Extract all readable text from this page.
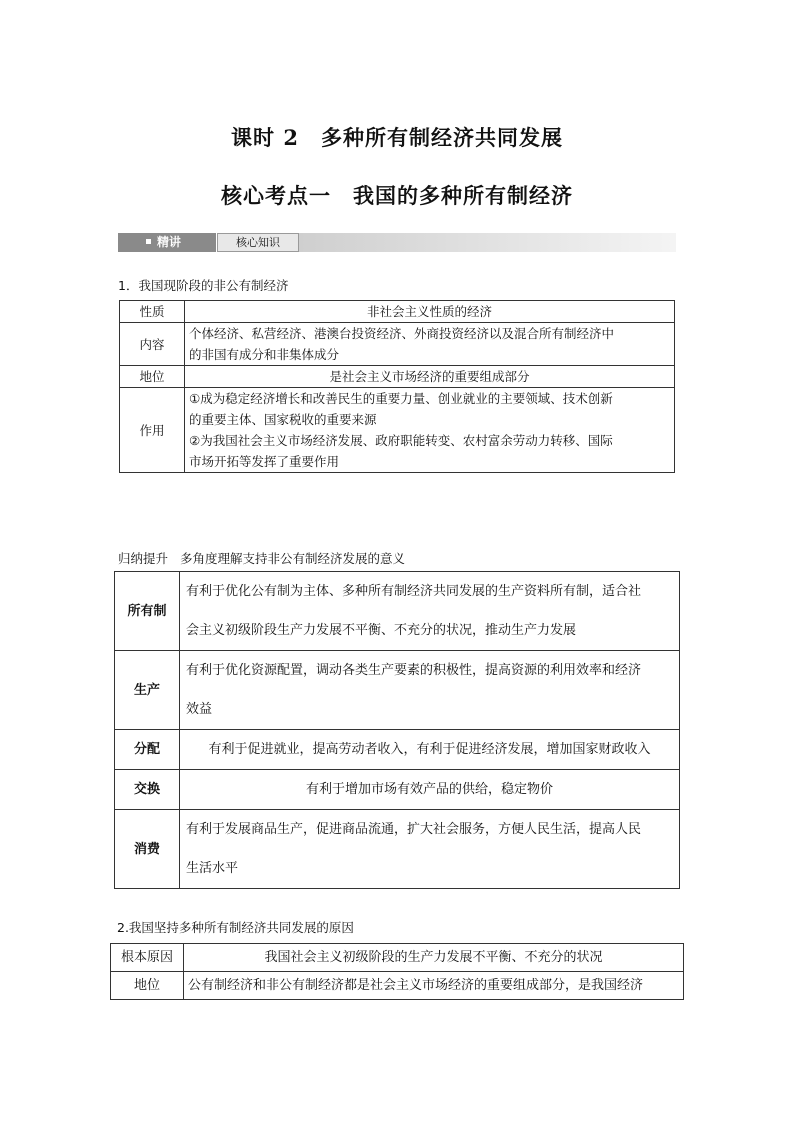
课时 2　多种所有制经济共同发展
核心考点一　我国的多种所有制经济
精讲	核心知识
1．我国现阶段的非公有制经济
性质	非社会主义性质的经济
内容	个体经济、私营经济、港澳台投资经济、外商投资经济以及混合所有制经济中
的非国有成分和非集体成分

地位	是社会主义市场经济的重要组成部分
作用	①成为稳定经济增长和改善民生的重要力量、创业就业的主要领域、技术创新
的重要主体、国家税收的重要来源
②为我国社会主义市场经济发展、政府职能转变、农村富余劳动力转移、国际
市场开拓等发挥了重要作用
归纳提升 多角度理解支持非公有制经济发展的意义
所有制	有利于优化公有制为主体、多种所有制经济共同发展的生产资料所有制，适合社
会主义初级阶段生产力发展不平衡、不充分的状况，推动生产力发展

生产	有利于优化资源配置，调动各类生产要素的积极性，提高资源的利用效率和经济
效益

分配	有利于促进就业，提高劳动者收入，有利于促进经济发展，增加国家财政收入
交换	有利于增加市场有效产品的供给，稳定物价
消费	有利于发展商品生产，促进商品流通，扩大社会服务，方便人民生活，提高人民
生活水平
2.我国坚持多种所有制经济共同发展的原因
根本原因	我国社会主义初级阶段的生产力发展不平衡、不充分的状况
地位	公有制经济和非公有制经济都是社会主义市场经济的重要组成部分，是我国经济
